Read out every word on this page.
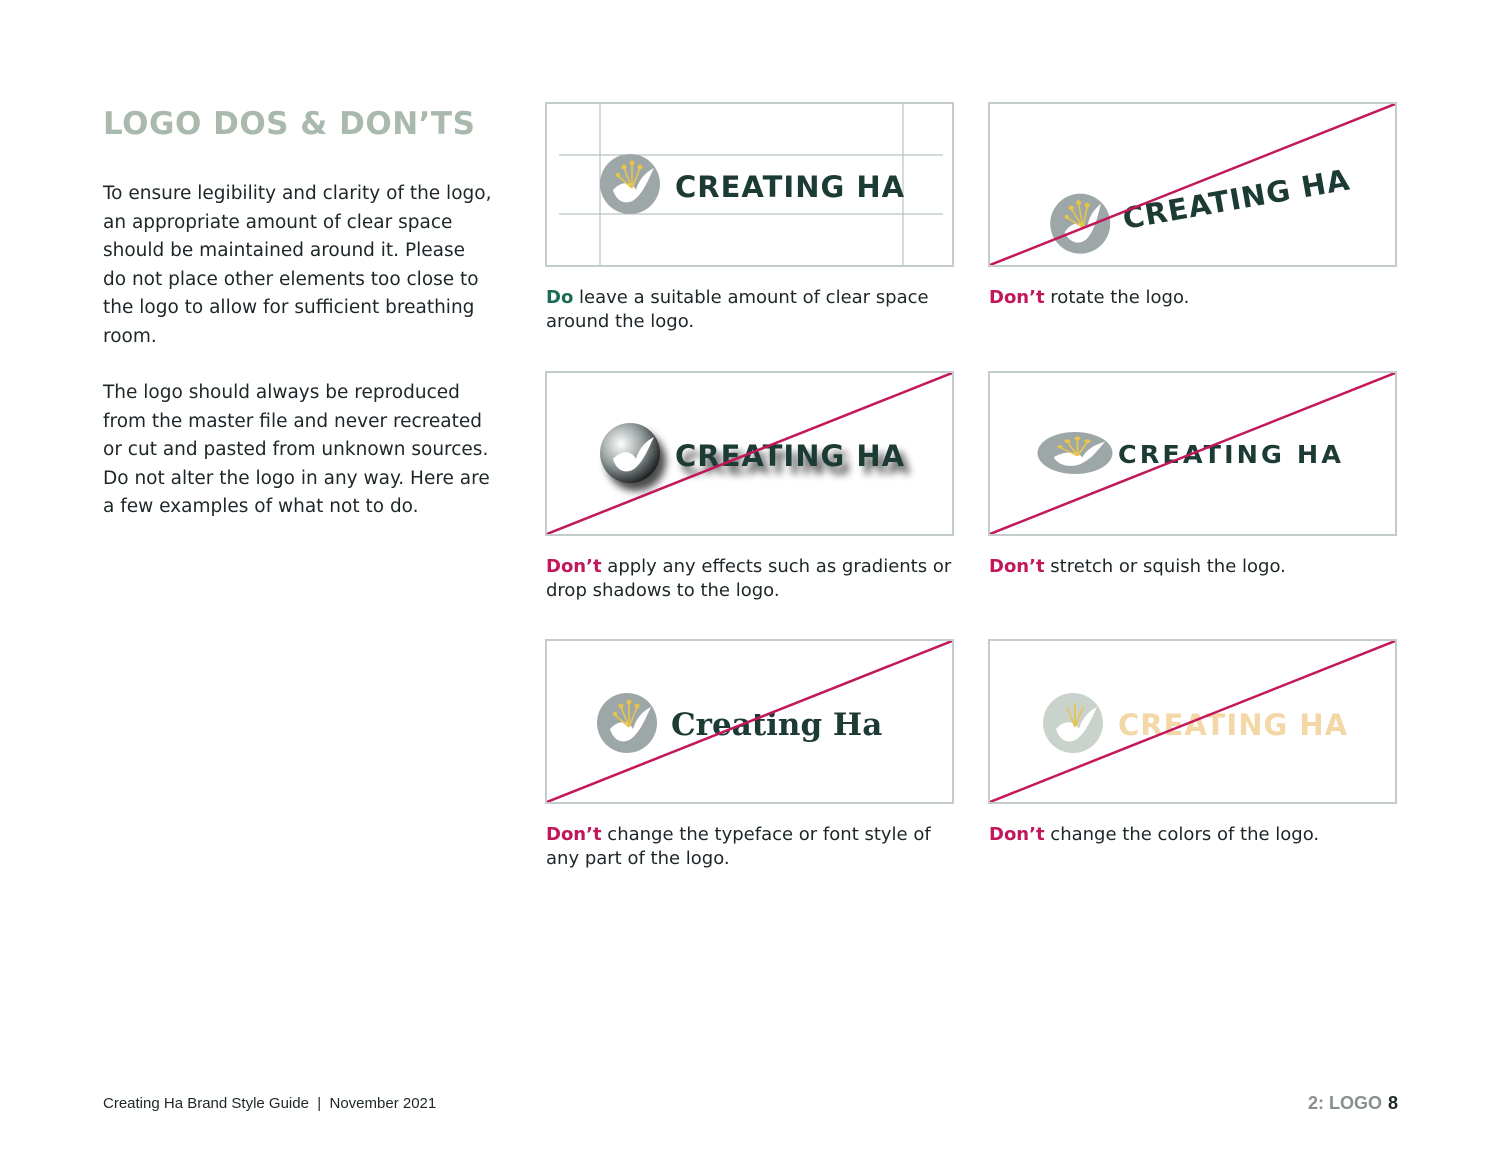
LOGO DOS & DON’TS

To ensure legibility and clarity of the logo, an appropriate amount of clear space should be maintained around it. Please do not place other elements too close to the logo to allow for sufficient breathing room.

The logo should always be reproduced from the master file and never recreated or cut and pasted from unknown sources. Do not alter the logo in any way. Here are a few examples of what not to do.

CREATING HA
Do leave a suitable amount of clear space around the logo.
CREATING HA
Don’t rotate the logo.
CREATING HA
Don’t apply any effects such as gradients or drop shadows to the logo.
CREATING HA
Don’t stretch or squish the logo.
Creating Ha
Don’t change the typeface or font style of any part of the logo.
CREATING HA
Don’t change the colors of the logo.
Creating Ha Brand Style Guide  |  November 2021	2: LOGO 8
